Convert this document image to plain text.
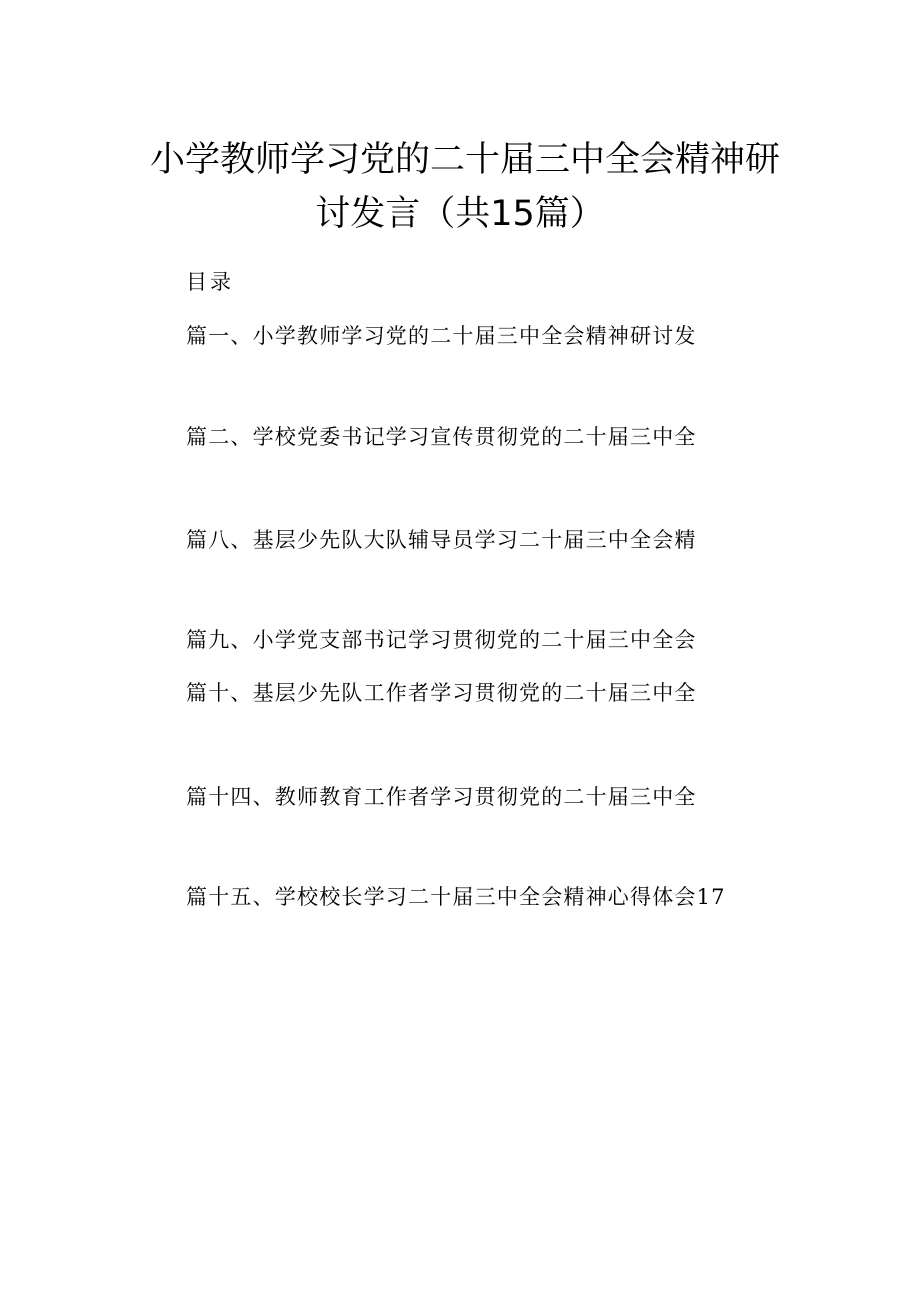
小学教师学习党的二十届三中全会精神研
讨发言（共15篇）
目录
篇一、小学教师学习党的二十届三中全会精神研讨发
篇二、学校党委书记学习宣传贯彻党的二十届三中全
篇八、基层少先队大队辅导员学习二十届三中全会精
篇九、小学党支部书记学习贯彻党的二十届三中全会
篇十、基层少先队工作者学习贯彻党的二十届三中全
篇十四、教师教育工作者学习贯彻党的二十届三中全
篇十五、学校校长学习二十届三中全会精神心得体会17
